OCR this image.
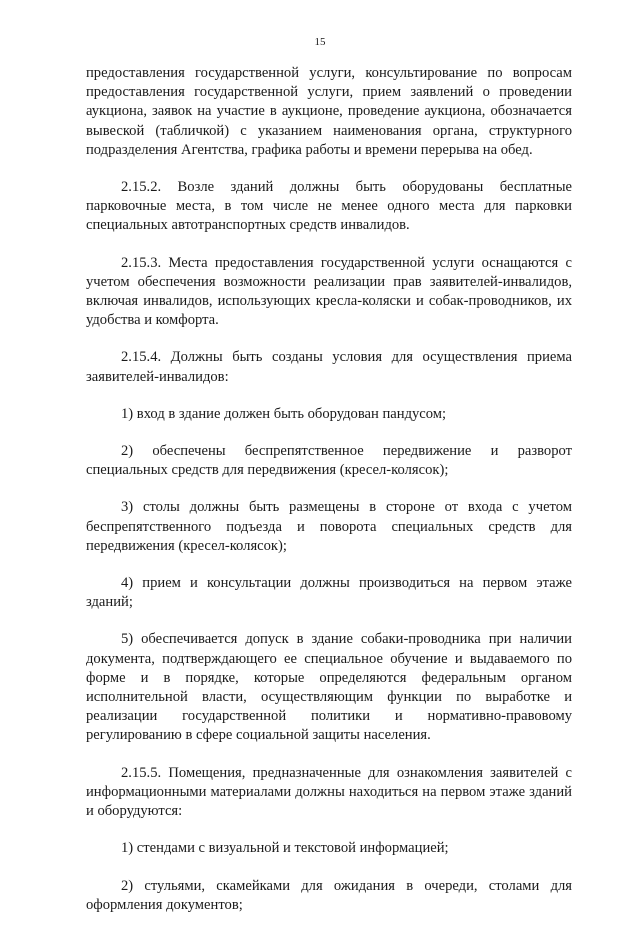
15

предоставления государственной услуги, консультирование по вопросам предоставления государственной услуги, прием заявлений о проведении аукциона, заявок на участие в аукционе, проведение аукциона, обозначается вывеской (табличкой) с указанием наименования органа, структурного подразделения Агентства, графика работы и времени перерыва на обед.

2.15.2. Возле зданий должны быть оборудованы бесплатные парковочные места, в том числе не менее одного места для парковки специальных автотранспортных средств инвалидов.

2.15.3. Места предоставления государственной услуги оснащаются с учетом обеспечения возможности реализации прав заявителей-инвалидов, включая инвалидов, использующих кресла-коляски и собак-проводников, их удобства и комфорта.

2.15.4. Должны быть созданы условия для осуществления приема заявителей-инвалидов:

1) вход в здание должен быть оборудован пандусом;

2) обеспечены беспрепятственное передвижение и разворот специальных средств для передвижения (кресел-колясок);

3) столы должны быть размещены в стороне от входа с учетом беспрепятственного подъезда и поворота специальных средств для передвижения (кресел-колясок);

4) прием и консультации должны производиться на первом этаже зданий;

5) обеспечивается допуск в здание собаки-проводника при наличии документа, подтверждающего ее специальное обучение и выдаваемого по форме и в порядке, которые определяются федеральным органом исполнительной власти, осуществляющим функции по выработке и реализации государственной политики и нормативно-правовому регулированию в сфере социальной защиты населения.

2.15.5. Помещения, предназначенные для ознакомления заявителей с информационными материалами должны находиться на первом этаже зданий и оборудуются:

1) стендами с визуальной и текстовой информацией;

2) стульями, скамейками для ожидания в очереди, столами для оформления документов;
